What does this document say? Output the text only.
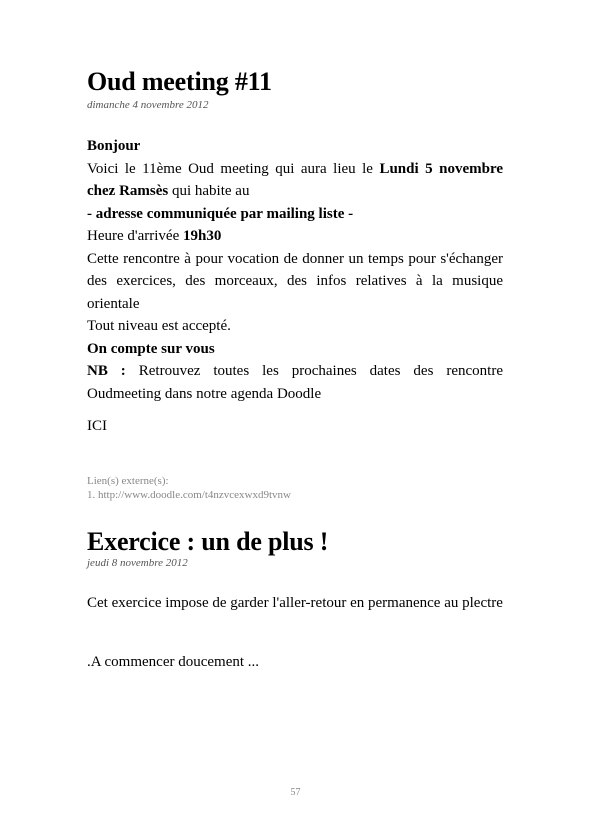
Oud meeting #11
dimanche 4 novembre 2012

Bonjour

Voici le 11ème Oud meeting qui aura lieu le Lundi 5 novembre chez Ramsès qui habite au

- adresse communiquée par mailing liste -

Heure d'arrivée 19h30

Cette rencontre à pour vocation de donner un temps pour s'échanger des exercices, des morceaux, des infos relatives à la musique orientale

Tout niveau est accepté.

On compte sur vous

NB : Retrouvez toutes les prochaines dates des rencontre Oudmeeting dans notre agenda Doodle

ICI
Lien(s) externe(s):
1. http://www.doodle.com/t4nzvcexwxd9tvnw
Exercice : un de plus !
jeudi 8 novembre 2012

Cet exercice impose de garder l'aller-retour en permanence au plectre

.A commencer doucement ...
57
